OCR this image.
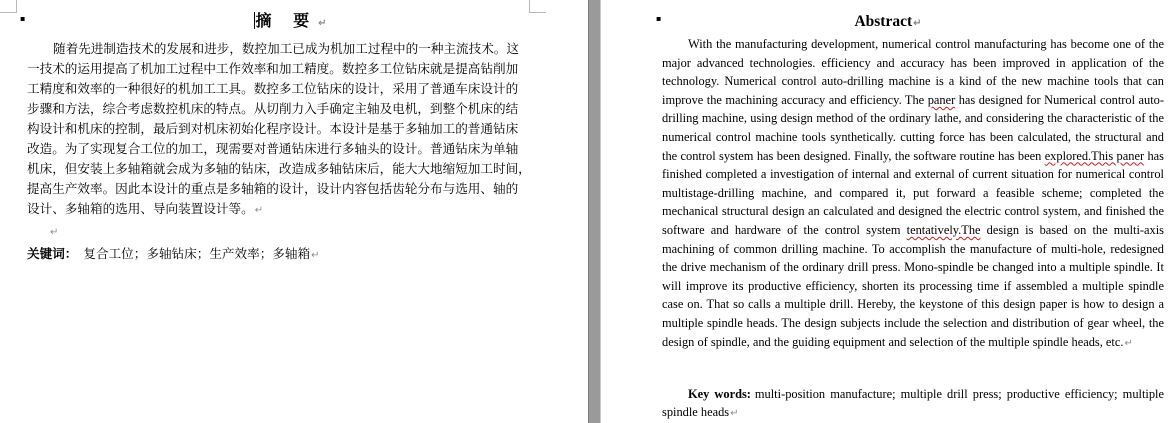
▪	摘 要↵
随着先进制造技术的发展和进步，数控加工已成为机加工过程中的一种主流技术。这
一技术的运用提高了机加工过程中工作效率和加工精度。数控多工位钻床就是提高钻削加
工精度和效率的一种很好的机加工工具。数控多工位钻床的设计，采用了普通车床设计的
步骤和方法，综合考虑数控机床的特点。从切削力入手确定主轴及电机，到整个机床的结
构设计和机床的控制，最后到对机床初始化程序设计。本设计是基于多轴加工的普通钻床
改造。为了实现复合工位的加工，现需要对普通钻床进行多轴头的设计。普通钻床为单轴
机床，但安装上多轴箱就会成为多轴的钻床，改造成多轴钻床后，能大大地缩短加工时间，
提高生产效率。因此本设计的重点是多轴箱的设计，设计内容包括齿轮分布与选用、轴的
设计、多轴箱的选用、导向装置设计等。↵
↵
关键词： 复合工位；多轴钻床；生产效率；多轴箱↵
▪	Abstract↵

With the manufacturing development, numerical control manufacturing has become one of the major advanced technologies. efficiency and accuracy has been improved in application of the technology. Numerical control auto-drilling machine is a kind of the new machine tools that can improve the machining accuracy and efficiency. The paner has designed for Numerical control auto-drilling machine, using design method of the ordinary lathe, and considering the characteristic of the numerical control machine tools synthetically. cutting force has been calculated, the structural and the control system has been designed. Finally, the software routine has been explored.This paner has finished completed a investigation of internal and external of current situation for numerical control multistage-drilling machine, and compared it, put forward a feasible scheme; completed the mechanical structural design an calculated and designed the electric control system, and finished the software and hardware of the control system tentatively.The design is based on the multi-axis machining of common drilling machine. To accomplish the manufacture of multi-hole, redesigned the drive mechanism of the ordinary drill press. Mono-spindle be changed into a multiple spindle. It will improve its productive efficiency, shorten its processing time if assembled a multiple spindle case on. That so calls a multiple drill. Hereby, the keystone of this design paper is how to design a multiple spindle heads. The design subjects include the selection and distribution of gear wheel, the design of spindle, and the guiding equipment and selection of the multiple spindle heads, etc.↵

Key words: multi-position manufacture; multiple drill press; productive efficiency; multiple spindle heads↵
